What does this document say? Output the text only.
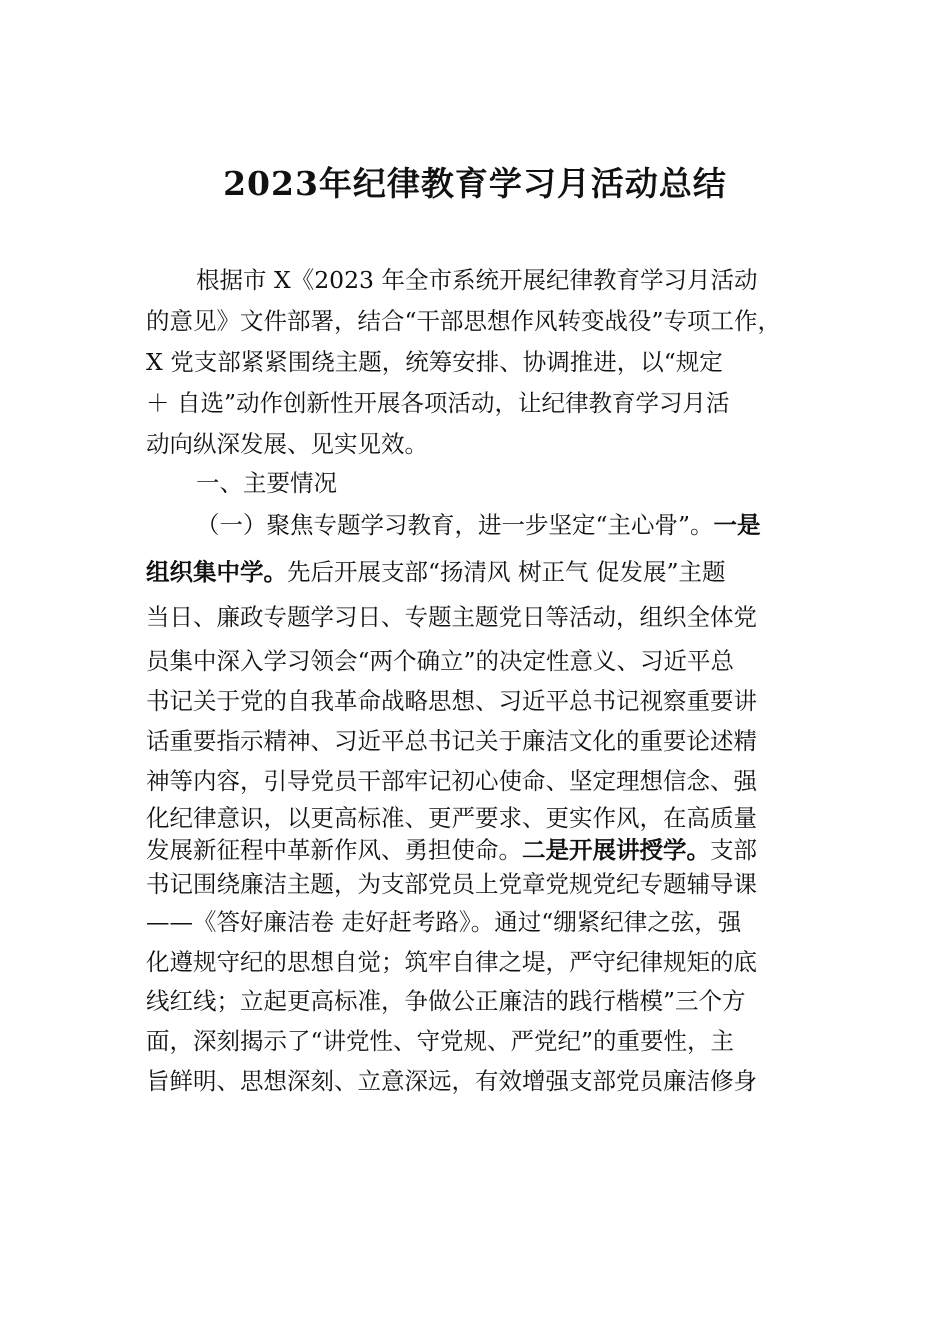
2023年纪律教育学习月活动总结
根据市 X《2023 年全市系统开展纪律教育学习月活动
的意见》文件部署，结合“干部思想作风转变战役”专项工作，
X 党支部紧紧围绕主题，统筹安排、协调推进，以“规定
＋ 自选”动作创新性开展各项活动，让纪律教育学习月活
动向纵深发展、见实见效。
一、主要情况
（一）聚焦专题学习教育，进一步坚定“主心骨”。一是
组织集中学。先后开展支部“扬清风 树正气 促发展”主题
当日、廉政专题学习日、专题主题党日等活动，组织全体党
员集中深入学习领会“两个确立”的决定性意义、习近平总
书记关于党的自我革命战略思想、习近平总书记视察重要讲
话重要指示精神、习近平总书记关于廉洁文化的重要论述精
神等内容，引导党员干部牢记初心使命、坚定理想信念、强
化纪律意识，以更高标准、更严要求、更实作风，在高质量
发展新征程中革新作风、勇担使命。二是开展讲授学。支部
书记围绕廉洁主题，为支部党员上党章党规党纪专题辅导课
——《答好廉洁卷 走好赶考路》。通过“绷紧纪律之弦，强
化遵规守纪的思想自觉；筑牢自律之堤，严守纪律规矩的底
线红线；立起更高标准，争做公正廉洁的践行楷模”三个方
面，深刻揭示了“讲党性、守党规、严党纪”的重要性，主
旨鲜明、思想深刻、立意深远，有效增强支部党员廉洁修身
